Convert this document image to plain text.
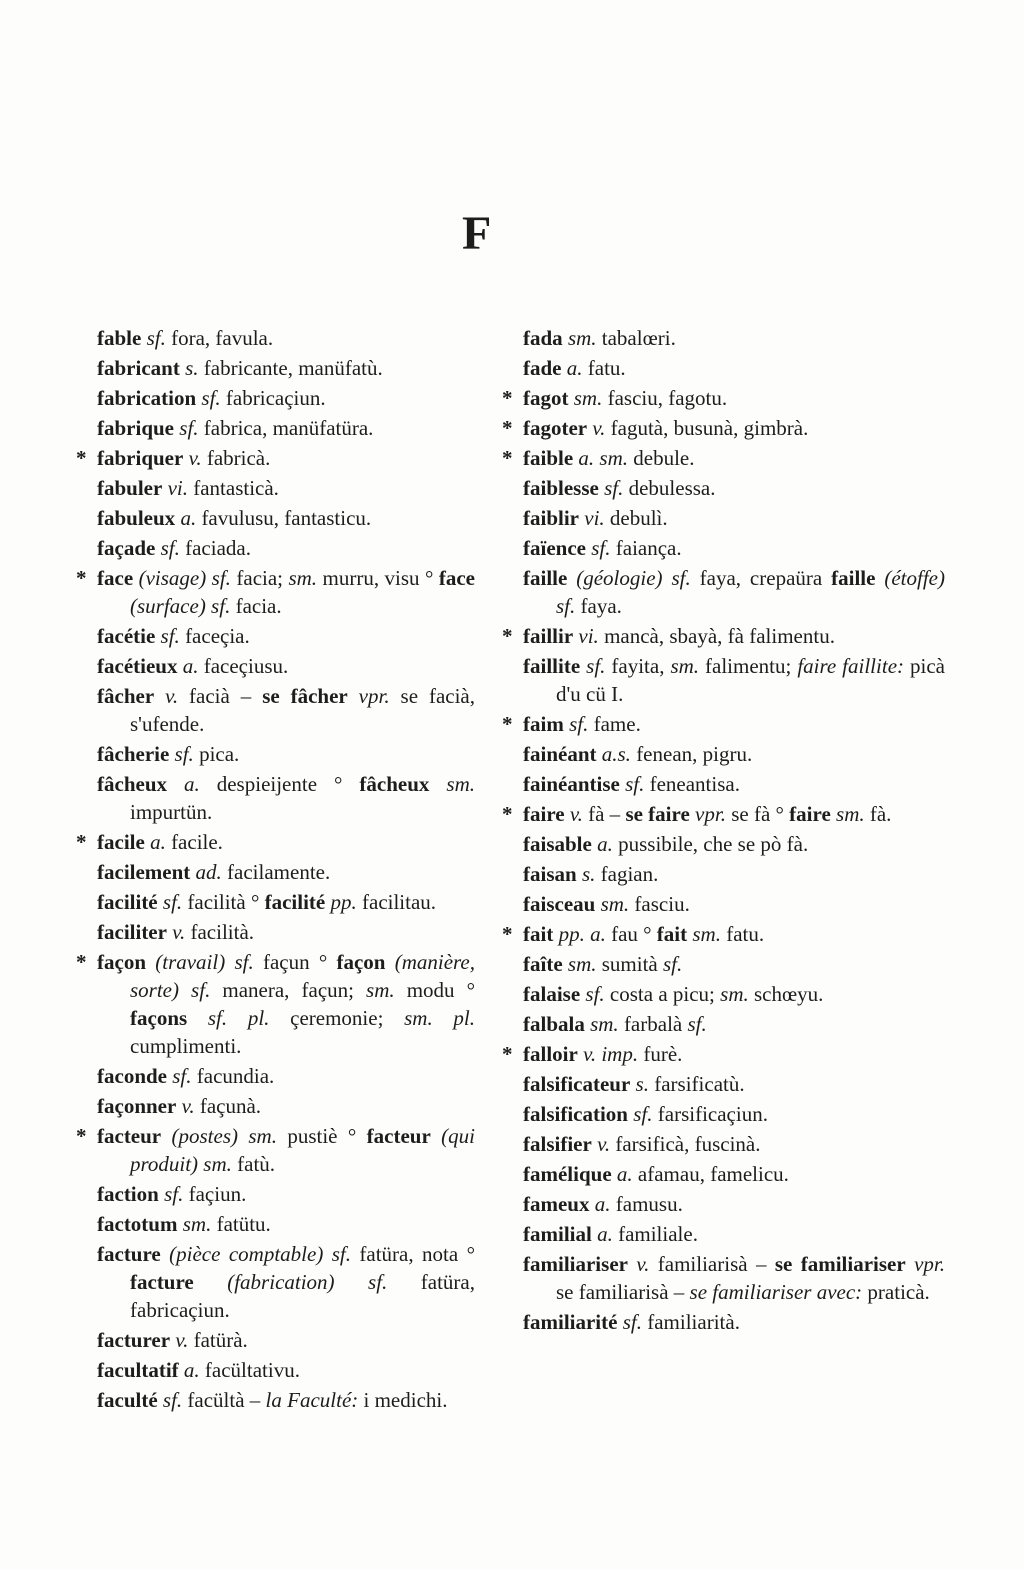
F
fable sf. fora, favula.
fabricant s. fabricante, manüfatù.
fabrication sf. fabricaçiun.
fabrique sf. fabrica, manüfatüra.
* fabriquer v. fabricà.
fabuler vi. fantasticà.
fabuleux a. favulusu, fantasticu.
façade sf. faciada.
* face (visage) sf. facia; sm. murru, visu ° face (surface) sf. facia.
facétie sf. faceçia.
facétieux a. faceçiusu.
fâcher v. facià – se fâcher vpr. se facià, s'ufende.
fâcherie sf. pica.
fâcheux a. despieijente ° fâcheux sm. impurtün.
* facile a. facile.
facilement ad. facilamente.
facilité sf. facilità ° facilité pp. facilitau.
faciliter v. facilità.
* façon (travail) sf. façun ° façon (manière, sorte) sf. manera, façun; sm. modu ° façons sf. pl. çeremonie; sm. pl. cumplimenti.
faconde sf. facundia.
façonner v. façunà.
* facteur (postes) sm. pustiè ° facteur (qui produit) sm. fatù.
faction sf. façiun.
factotum sm. fatütu.
facture (pièce comptable) sf. fatüra, nota ° facture (fabrication) sf. fatüra, fabricaçiun.
facturer v. fatürà.
facultatif a. facültativu.
faculté sf. facültà – la Faculté: i medichi.
fada sm. tabalœri.
fade a. fatu.
* fagot sm. fasciu, fagotu.
* fagoter v. fagutà, busunà, gimbrà.
* faible a. sm. debule.
faiblesse sf. debulessa.
faiblir vi. debulì.
faïence sf. faiança.
faille (géologie) sf. faya, crepaüra faille (étoffe) sf. faya.
* faillir vi. mancà, sbayà, fà falimentu.
faillite sf. fayita, sm. falimentu; faire faillite: picà d'u cü I.
* faim sf. fame.
fainéant a.s. fenean, pigru.
fainéantise sf. feneantisa.
* faire v. fà – se faire vpr. se fà ° faire sm. fà.
faisable a. pussibile, che se pò fà.
faisan s. fagian.
faisceau sm. fasciu.
* fait pp. a. fau ° fait sm. fatu.
faîte sm. sumità sf.
falaise sf. costa a picu; sm. schœyu.
falbala sm. farbalà sf.
* falloir v. imp. furè.
falsificateur s. farsificatù.
falsification sf. farsificaçiun.
falsifier v. farsificà, fuscinà.
famélique a. afamau, famelicu.
fameux a. famusu.
familial a. familiale.
familiariser v. familiarisà – se familiariser vpr. se familiarisà – se familiariser avec: praticà.
familiarité sf. familiarità.
